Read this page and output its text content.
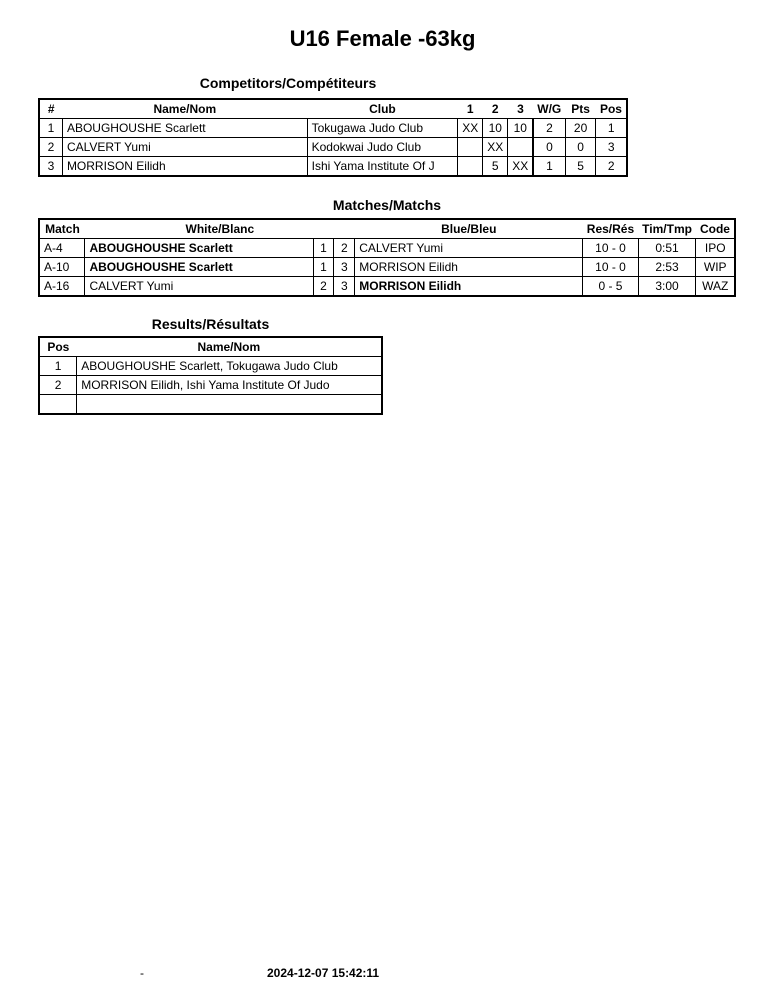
U16 Female -63kg
Competitors/Compétiteurs
#	Name/Nom	Club	1	2	3	W/G	Pts	Pos
1	ABOUGHOUSHE Scarlett	Tokugawa Judo Club	XX	10	10	2	20	1
2	CALVERT Yumi	Kodokwai Judo Club		XX		0	0	3
3	MORRISON Eilidh	Ishi Yama Institute Of J		5	XX	1	5	2
Matches/Matchs
Match	White/Blanc			Blue/Bleu	Res/Rés	Tim/Tmp	Code
A-4	ABOUGHOUSHE Scarlett	1	2	CALVERT Yumi	10 - 0	0:51	IPO
A-10	ABOUGHOUSHE Scarlett	1	3	MORRISON Eilidh	10 - 0	2:53	WIP
A-16	CALVERT Yumi	2	3	MORRISON Eilidh	0 - 5	3:00	WAZ
Results/Résultats
Pos	Name/Nom
1	ABOUGHOUSHE Scarlett, Tokugawa Judo Club
2	MORRISON Eilidh, Ishi Yama Institute Of Judo

-	2024-12-07 15:42:11
